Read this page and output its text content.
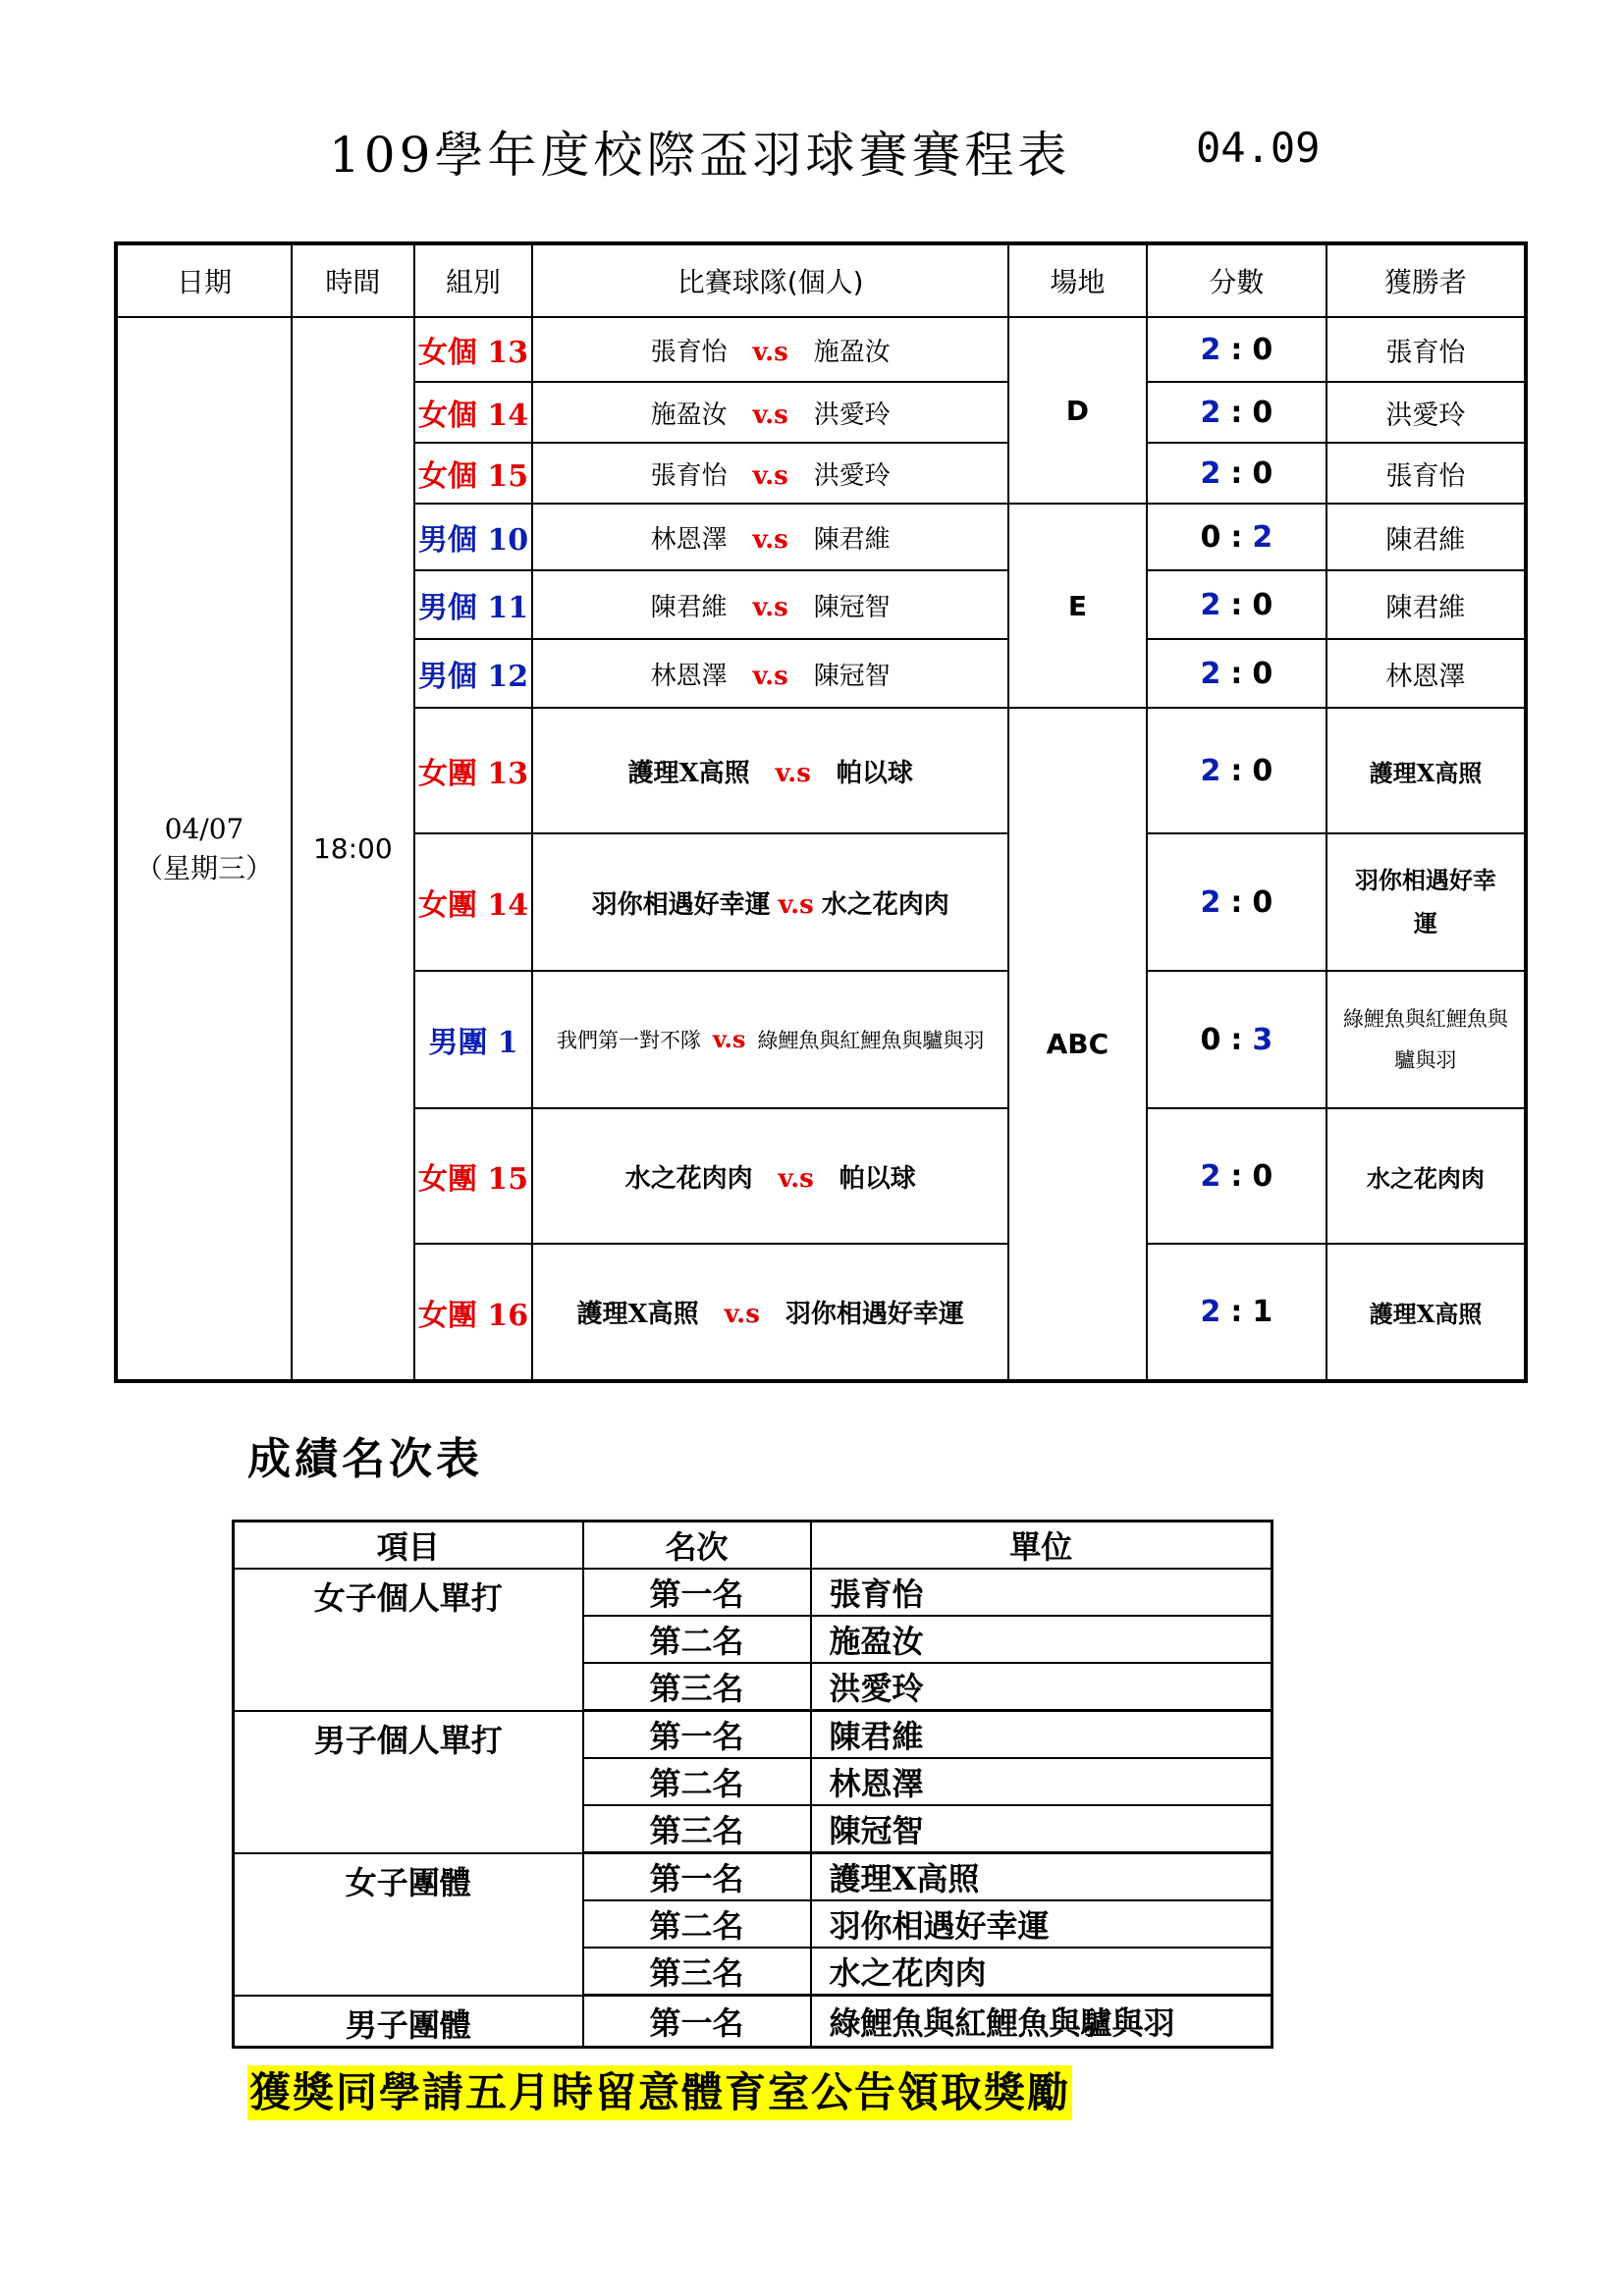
109學年度校際盃羽球賽賽程表	04.09
日期	時間	組別	比賽球隊(個人)	場地	分數	獲勝者

04/07
（星期三）	18:00	女個 13	張育怡 v.s 施盈汝	D	2 : 0	張育怡
		女個 14	施盈汝 v.s 洪愛玲		2 : 0	洪愛玲
		女個 15	張育怡 v.s 洪愛玲		2 : 0	張育怡
		男個 10	林恩澤 v.s 陳君維	E	0 : 2	陳君維
		男個 11	陳君維 v.s 陳冠智		2 : 0	陳君維
		男個 12	林恩澤 v.s 陳冠智		2 : 0	林恩澤
		女團 13	護理X高照 v.s 帕以球	ABC	2 : 0	護理X高照
		女團 14	羽你相遇好幸運 v.s 水之花肉肉		2 : 0	羽你相遇好幸運

		男團 1	我們第一對不隊 v.s 綠鯉魚與紅鯉魚與驢與羽		0 : 3	綠鯉魚與紅鯉魚與驢與羽

		女團 15	水之花肉肉 v.s 帕以球		2 : 0	水之花肉肉
		女團 16	護理X高照 v.s 羽你相遇好幸運		2 : 1	護理X高照
成績名次表
項目	名次	單位
女子個人單打	第一名	張育怡
	第二名	施盈汝
	第三名	洪愛玲
男子個人單打	第一名	陳君維
	第二名	林恩澤
	第三名	陳冠智
女子團體	第一名	護理X高照
	第二名	羽你相遇好幸運
	第三名	水之花肉肉
男子團體	第一名	綠鯉魚與紅鯉魚與驢與羽
獲獎同學請五月時留意體育室公告領取獎勵
